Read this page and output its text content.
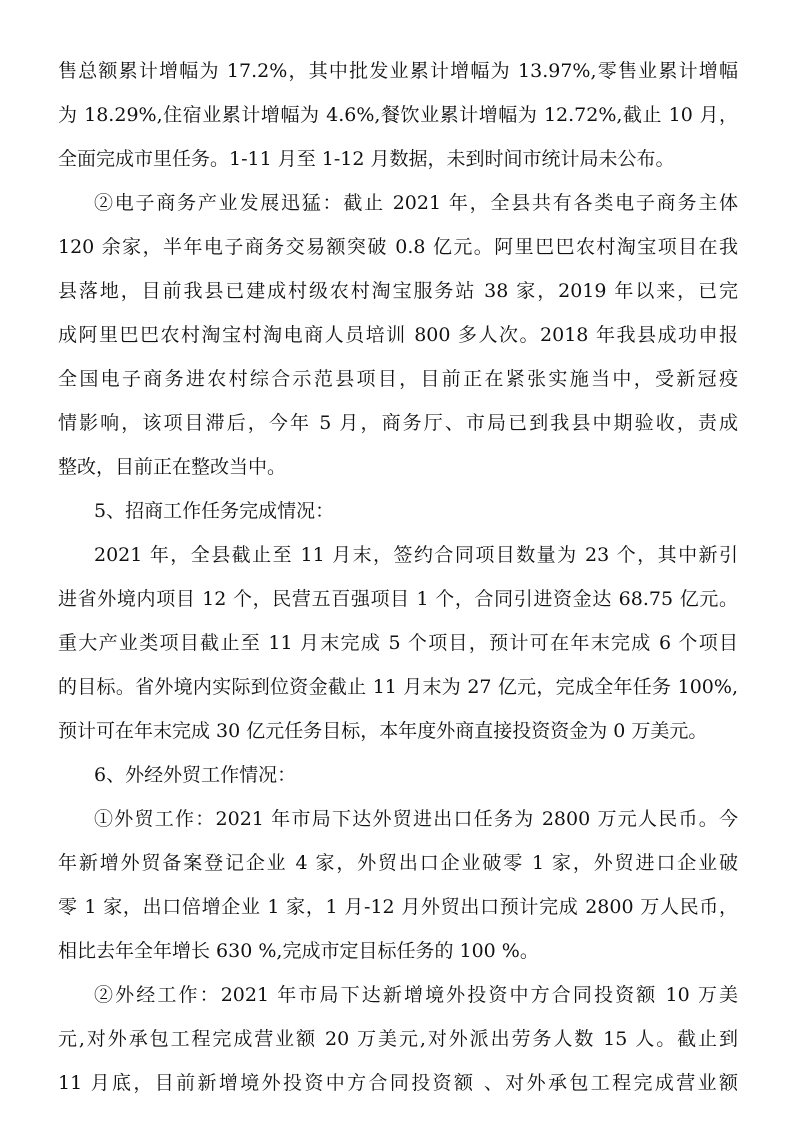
售总额累计增幅为 17.2%，其中批发业累计增幅为 13.97%,零售业累计增幅
为 18.29%,住宿业累计增幅为 4.6%,餐饮业累计增幅为 12.72%,截止 10 月，
全面完成市里任务。1-11 月至 1-12 月数据，未到时间市统计局未公布。
②电子商务产业发展迅猛：截止 2021 年，全县共有各类电子商务主体
120 余家，半年电子商务交易额突破 0.8 亿元。阿里巴巴农村淘宝项目在我
县落地，目前我县已建成村级农村淘宝服务站 38 家，2019 年以来，已完
成阿里巴巴农村淘宝村淘电商人员培训 800 多人次。2018 年我县成功申报
全国电子商务进农村综合示范县项目，目前正在紧张实施当中，受新冠疫
情影响，该项目滞后，今年 5 月，商务厅、市局已到我县中期验收，责成
整改，目前正在整改当中。
5、招商工作任务完成情况：
2021 年，全县截止至 11 月末，签约合同项目数量为 23 个，其中新引
进省外境内项目 12 个，民营五百强项目 1 个，合同引进资金达 68.75 亿元。
重大产业类项目截止至 11 月末完成 5 个项目，预计可在年末完成 6 个项目
的目标。省外境内实际到位资金截止 11 月末为 27 亿元，完成全年任务 100%,
预计可在年末完成 30 亿元任务目标，本年度外商直接投资资金为 0 万美元。
6、外经外贸工作情况：
①外贸工作：2021 年市局下达外贸进出口任务为 2800 万元人民币。今
年新增外贸备案登记企业 4 家，外贸出口企业破零 1 家，外贸进口企业破
零 1 家，出口倍增企业 1 家，1 月-12 月外贸出口预计完成 2800 万人民币，
相比去年全年增长 630 %,完成市定目标任务的 100 %。
②外经工作：2021 年市局下达新增境外投资中方合同投资额 10 万美
元,对外承包工程完成营业额 20 万美元,对外派出劳务人数 15 人。截止到
11 月底，目前新增境外投资中方合同投资额 、对外承包工程完成营业额
